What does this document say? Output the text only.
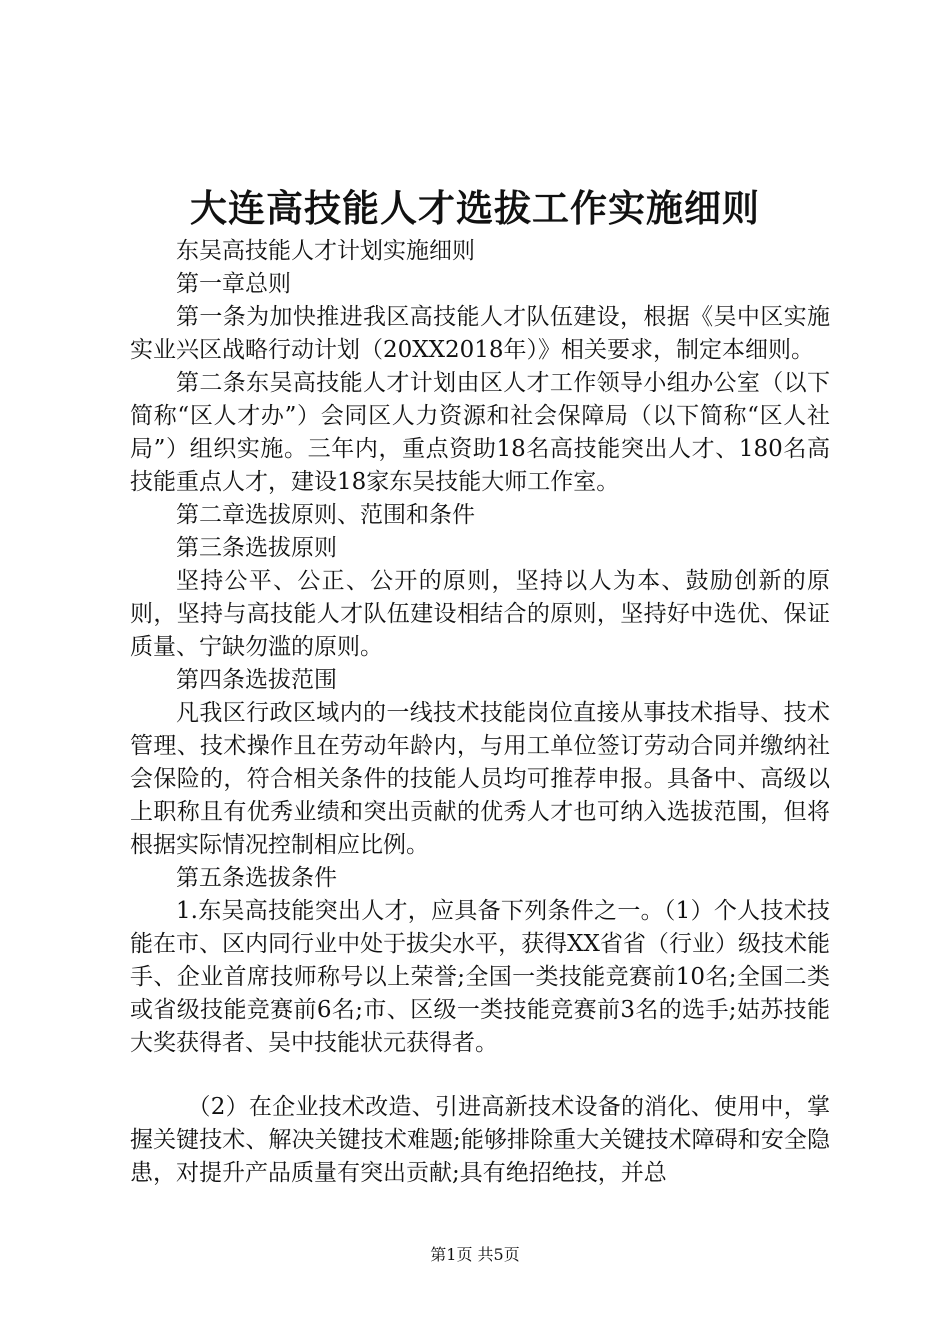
大连高技能人才选拔工作实施细则

东吴高技能人才计划实施细则

第一章总则

第一条为加快推进我区高技能人才队伍建设，根据《吴中区实施实业兴区战略行动计划（20XX2018年）》相关要求，制定本细则。

第二条东吴高技能人才计划由区人才工作领导小组办公室（以下简称“区人才办”）会同区人力资源和社会保障局（以下简称“区人社局”）组织实施。三年内，重点资助18名高技能突出人才、180名高技能重点人才，建设18家东吴技能大师工作室。

第二章选拔原则、范围和条件

第三条选拔原则

坚持公平、公正、公开的原则，坚持以人为本、鼓励创新的原则，坚持与高技能人才队伍建设相结合的原则，坚持好中选优、保证质量、宁缺勿滥的原则。

第四条选拔范围

凡我区行政区域内的一线技术技能岗位直接从事技术指导、技术管理、技术操作且在劳动年龄内，与用工单位签订劳动合同并缴纳社会保险的，符合相关条件的技能人员均可推荐申报。具备中、高级以上职称且有优秀业绩和突出贡献的优秀人才也可纳入选拔范围，但将根据实际情况控制相应比例。

第五条选拔条件

1.东吴高技能突出人才，应具备下列条件之一。（1）个人技术技能在市、区内同行业中处于拔尖水平，获得XX省省（行业）级技术能手、企业首席技师称号以上荣誉;全国一类技能竞赛前10名;全国二类或省级技能竞赛前6名;市、区级一类技能竞赛前3名的选手;姑苏技能大奖获得者、吴中技能状元获得者。

（2）在企业技术改造、引进高新技术设备的消化、使用中，掌握关键技术、解决关键技术难题;能够排除重大关键技术障碍和安全隐患，对提升产品质量有突出贡献;具有绝招绝技，并总

第1页 共5页
